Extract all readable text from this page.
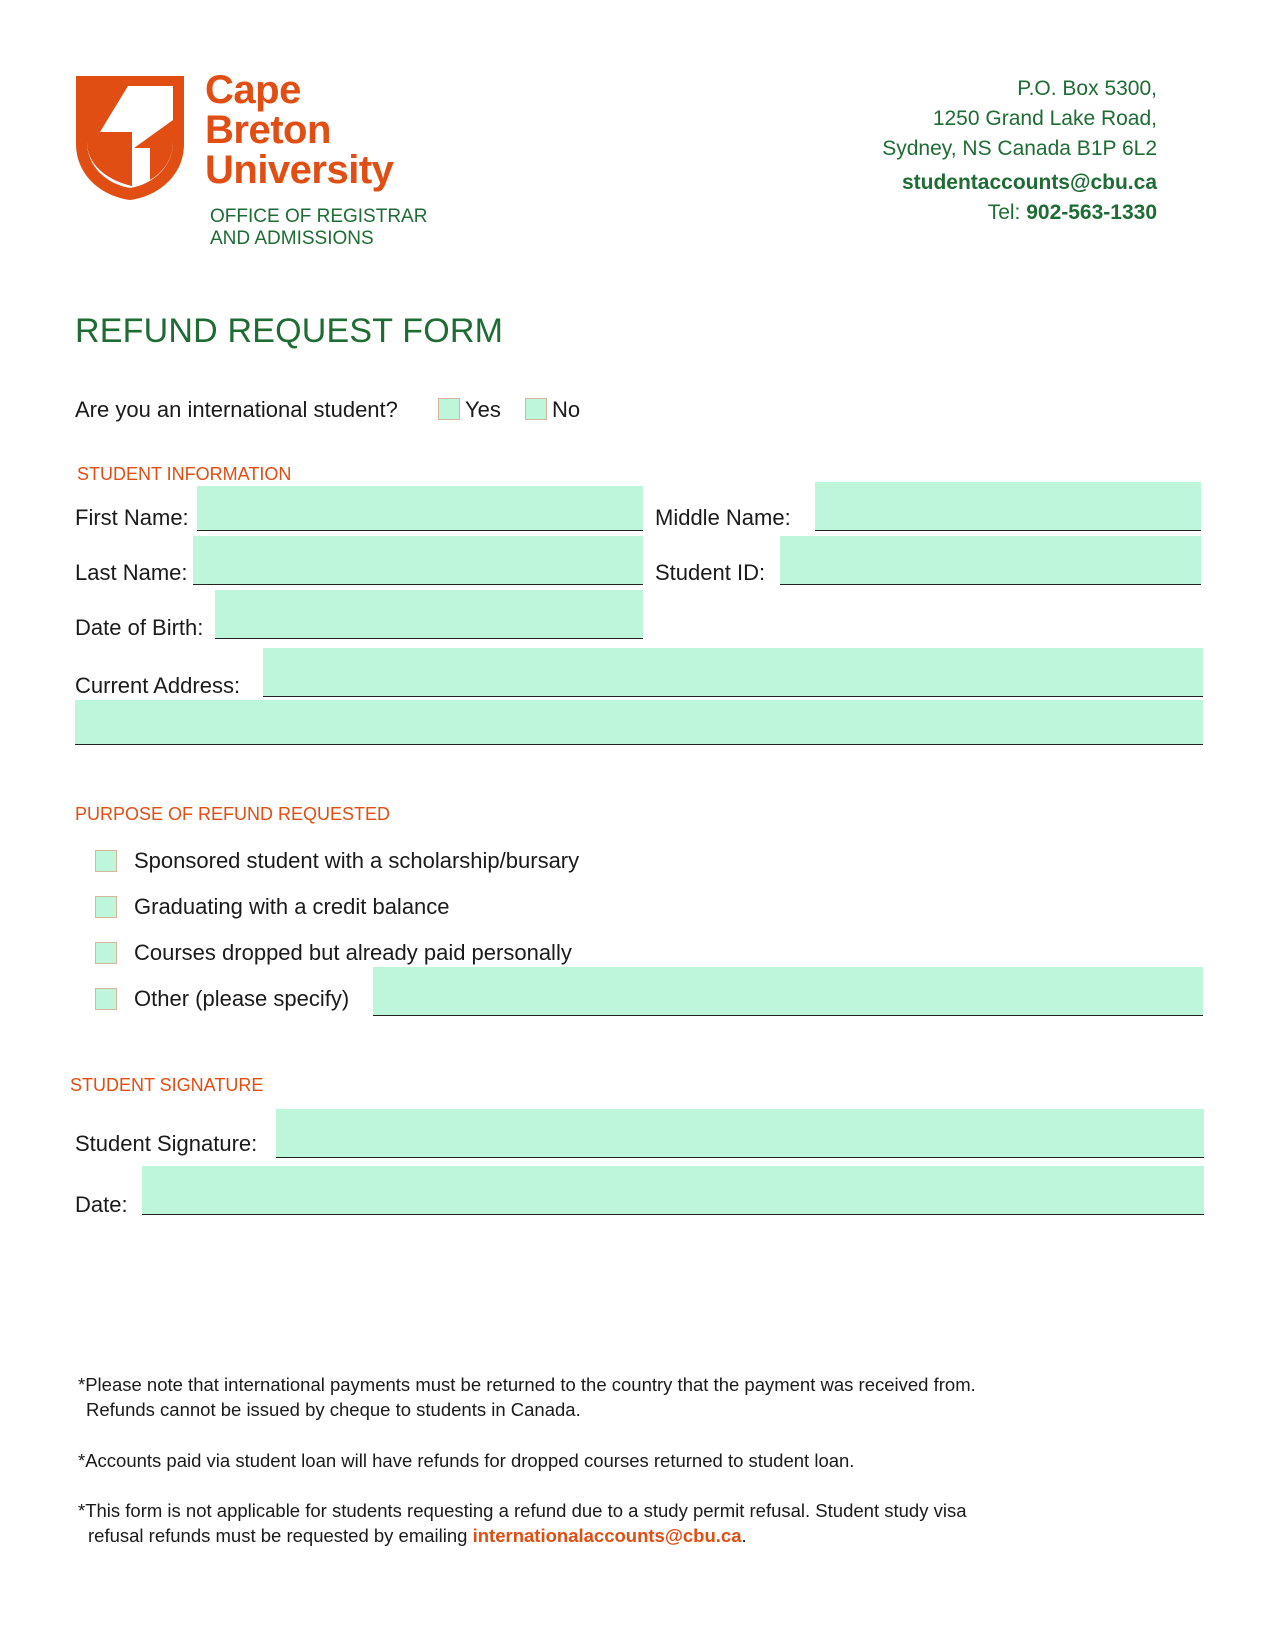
Cape
Breton
University
OFFICE OF REGISTRAR
AND ADMISSIONS
P.O. Box 5300,
1250 Grand Lake Road,
Sydney, NS Canada B1P 6L2
studentaccounts@cbu.ca
Tel: 902-563-1330
REFUND REQUEST FORM
Are you an international student?	Yes No
STUDENT INFORMATION
First Name:	Middle Name:
Last Name:	Student ID:
Date of Birth:
Current Address:
PURPOSE OF REFUND REQUESTED
Sponsored student with a scholarship/bursary
Graduating with a credit balance
Courses dropped but already paid personally
Other (please specify)
STUDENT SIGNATURE
Student Signature:
Date:
*Please note that international payments must be returned to the country that the payment was received from.
Refunds cannot be issued by cheque to students in Canada.
*Accounts paid via student loan will have refunds for dropped courses returned to student loan.
*This form is not applicable for students requesting a refund due to a study permit refusal. Student study visa
refusal refunds must be requested by emailing internationalaccounts@cbu.ca.
